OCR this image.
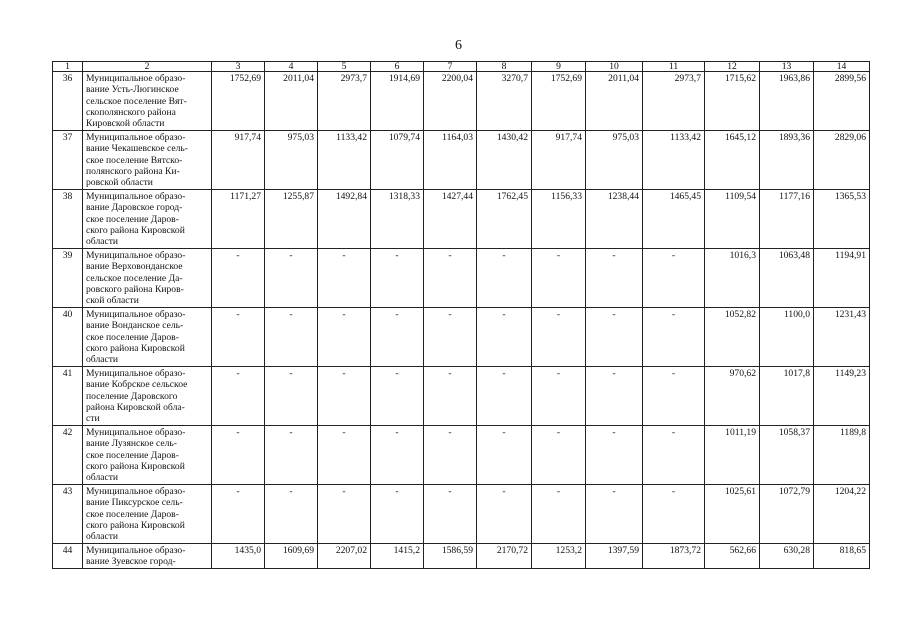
6
1	2	3	4	5	6	7	8	9	10	11	12	13	14
36	Муниципальное образо-
вание Усть-Люгинское
сельское поселение Вят-
скополянского района
Кировской области	1752,69	2011,04	2973,7	1914,69	2200,04	3270,7	1752,69	2011,04	2973,7	1715,62	1963,86	2899,56
37	Муниципальное образо-
вание Чекашевское сель-
ское поселение Вятско-
полянского района Ки-
ровской области	917,74	975,03	1133,42	1079,74	1164,03	1430,42	917,74	975,03	1133,42	1645,12	1893,36	2829,06
38	Муниципальное образо-
вание Даровское город-
ское поселение Даров-
ского района Кировской
области	1171,27	1255,87	1492,84	1318,33	1427,44	1762,45	1156,33	1238,44	1465,45	1109,54	1177,16	1365,53
39	Муниципальное образо-
вание Верховонданское
сельское поселение Да-
ровского района Киров-
ской области	-	-	-	-	-	-	-	-	-	1016,3	1063,48	1194,91
40	Муниципальное образо-
вание Вонданское сель-
ское поселение Даров-
ского района Кировской
области	-	-	-	-	-	-	-	-	-	1052,82	1100,0	1231,43
41	Муниципальное образо-
вание Кобрское сельское
поселение Даровского
района Кировской обла-
сти	-	-	-	-	-	-	-	-	-	970,62	1017,8	1149,23
42	Муниципальное образо-
вание Лузянское сель-
ское поселение Даров-
ского района Кировской
области	-	-	-	-	-	-	-	-	-	1011,19	1058,37	1189,8
43	Муниципальное образо-
вание Пиксурское сель-
ское поселение Даров-
ского района Кировской
области	-	-	-	-	-	-	-	-	-	1025,61	1072,79	1204,22
44	Муниципальное образо-
вание Зуевское город-	1435,0	1609,69	2207,02	1415,2	1586,59	2170,72	1253,2	1397,59	1873,72	562,66	630,28	818,65
